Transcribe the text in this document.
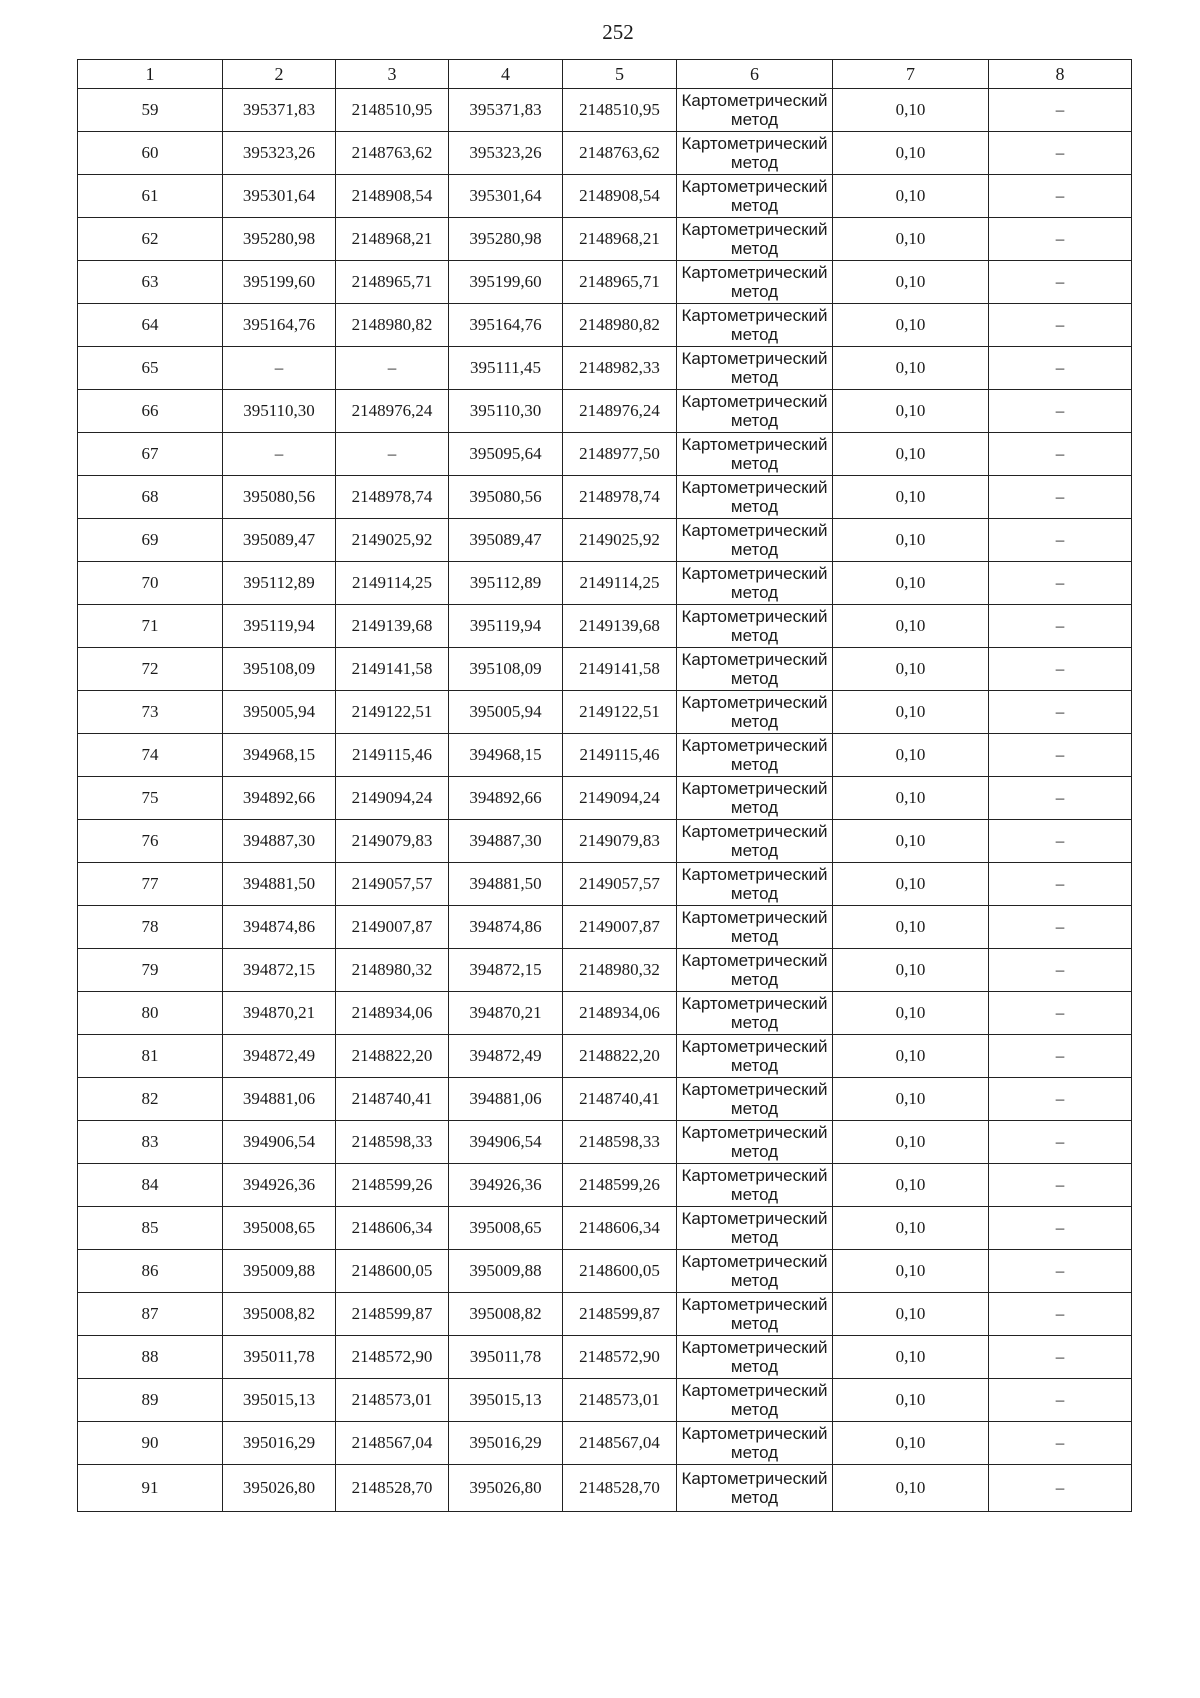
252
1	2	3	4	5	6	7	8
59	395371,83	2148510,95	395371,83	2148510,95	Картометрический метод	0,10	–
60	395323,26	2148763,62	395323,26	2148763,62	Картометрический метод	0,10	–
61	395301,64	2148908,54	395301,64	2148908,54	Картометрический метод	0,10	–
62	395280,98	2148968,21	395280,98	2148968,21	Картометрический метод	0,10	–
63	395199,60	2148965,71	395199,60	2148965,71	Картометрический метод	0,10	–
64	395164,76	2148980,82	395164,76	2148980,82	Картометрический метод	0,10	–
65	–	–	395111,45	2148982,33	Картометрический метод	0,10	–
66	395110,30	2148976,24	395110,30	2148976,24	Картометрический метод	0,10	–
67	–	–	395095,64	2148977,50	Картометрический метод	0,10	–
68	395080,56	2148978,74	395080,56	2148978,74	Картометрический метод	0,10	–
69	395089,47	2149025,92	395089,47	2149025,92	Картометрический метод	0,10	–
70	395112,89	2149114,25	395112,89	2149114,25	Картометрический метод	0,10	–
71	395119,94	2149139,68	395119,94	2149139,68	Картометрический метод	0,10	–
72	395108,09	2149141,58	395108,09	2149141,58	Картометрический метод	0,10	–
73	395005,94	2149122,51	395005,94	2149122,51	Картометрический метод	0,10	–
74	394968,15	2149115,46	394968,15	2149115,46	Картометрический метод	0,10	–
75	394892,66	2149094,24	394892,66	2149094,24	Картометрический метод	0,10	–
76	394887,30	2149079,83	394887,30	2149079,83	Картометрический метод	0,10	–
77	394881,50	2149057,57	394881,50	2149057,57	Картометрический метод	0,10	–
78	394874,86	2149007,87	394874,86	2149007,87	Картометрический метод	0,10	–
79	394872,15	2148980,32	394872,15	2148980,32	Картометрический метод	0,10	–
80	394870,21	2148934,06	394870,21	2148934,06	Картометрический метод	0,10	–
81	394872,49	2148822,20	394872,49	2148822,20	Картометрический метод	0,10	–
82	394881,06	2148740,41	394881,06	2148740,41	Картометрический метод	0,10	–
83	394906,54	2148598,33	394906,54	2148598,33	Картометрический метод	0,10	–
84	394926,36	2148599,26	394926,36	2148599,26	Картометрический метод	0,10	–
85	395008,65	2148606,34	395008,65	2148606,34	Картометрический метод	0,10	–
86	395009,88	2148600,05	395009,88	2148600,05	Картометрический метод	0,10	–
87	395008,82	2148599,87	395008,82	2148599,87	Картометрический метод	0,10	–
88	395011,78	2148572,90	395011,78	2148572,90	Картометрический метод	0,10	–
89	395015,13	2148573,01	395015,13	2148573,01	Картометрический метод	0,10	–
90	395016,29	2148567,04	395016,29	2148567,04	Картометрический метод	0,10	–
91	395026,80	2148528,70	395026,80	2148528,70	Картометрический метод	0,10	–
